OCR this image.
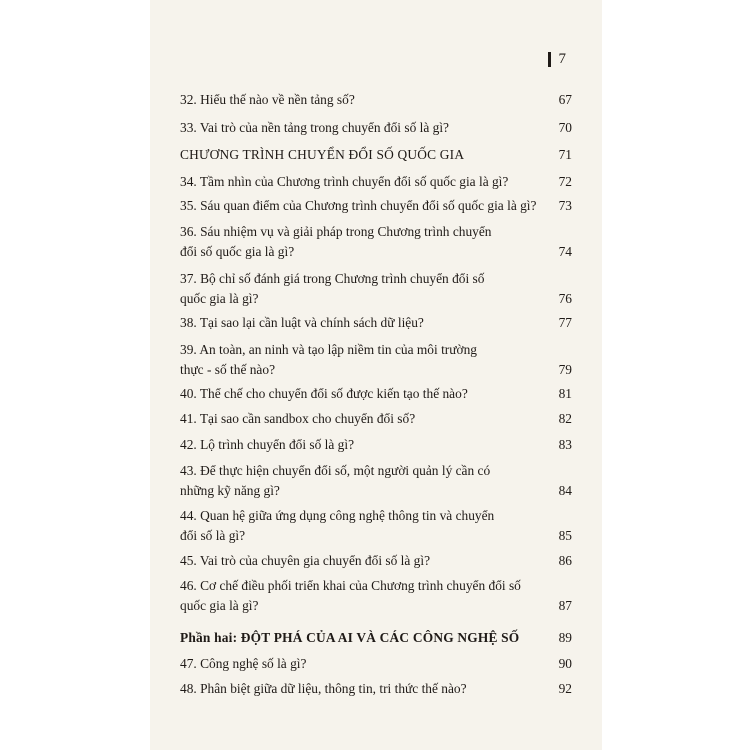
7
32. Hiểu thế nào về nền tảng số?	67
33. Vai trò của nền tảng trong chuyển đổi số là gì?	70
CHƯƠNG TRÌNH CHUYỂN ĐỔI SỐ QUỐC GIA	71
34. Tầm nhìn của Chương trình chuyển đổi số quốc gia là gì?	72
35. Sáu quan điểm của Chương trình chuyển đổi số quốc gia là gì?	73
36. Sáu nhiệm vụ và giải pháp trong Chương trình chuyển
đổi số quốc gia là gì?	74
37. Bộ chỉ số đánh giá trong Chương trình chuyển đổi số
quốc gia là gì?	76
38. Tại sao lại cần luật và chính sách dữ liệu?	77
39. An toàn, an ninh và tạo lập niềm tin của môi trường
thực - số thế nào?	79
40. Thể chế cho chuyển đổi số được kiến tạo thế nào?	81
41. Tại sao cần sandbox cho chuyển đổi số?	82
42. Lộ trình chuyển đổi số là gì?	83
43. Để thực hiện chuyển đổi số, một người quản lý cần có
những kỹ năng gì?	84
44. Quan hệ giữa ứng dụng công nghệ thông tin và chuyển
đổi số là gì?	85
45. Vai trò của chuyên gia chuyển đổi số là gì?	86
46. Cơ chế điều phối triển khai của Chương trình chuyển đổi số
quốc gia là gì?	87
Phần hai: ĐỘT PHÁ CỦA AI VÀ CÁC CÔNG NGHỆ SỐ	89
47. Công nghệ số là gì?	90
48. Phân biệt giữa dữ liệu, thông tin, tri thức thế nào?	92
